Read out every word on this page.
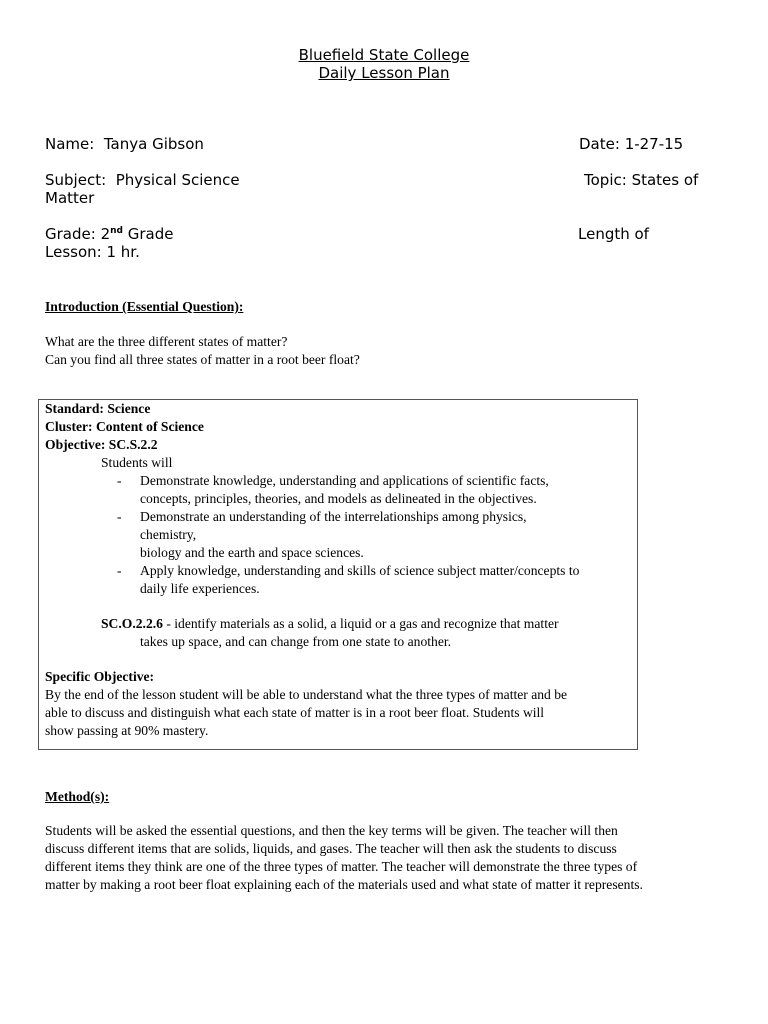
Bluefield State College
Daily Lesson Plan
Name: Tanya Gibson	Date: 1-27-15
Subject: Physical Science	Topic: States of
Matter
Grade: 2nd Grade	Length of
Lesson: 1 hr.
Introduction (Essential Question):
What are the three different states of matter?
Can you find all three states of matter in a root beer float?
Standard: Science
Cluster: Content of Science
Objective: SC.S.2.2
Students will
- Demonstrate knowledge, understanding and applications of scientific facts,
concepts, principles, theories, and models as delineated in the objectives.
- Demonstrate an understanding of the interrelationships among physics,
chemistry,
biology and the earth and space sciences.
- Apply knowledge, understanding and skills of science subject matter/concepts to
daily life experiences.
SC.O.2.2.6 - identify materials as a solid, a liquid or a gas and recognize that matter
takes up space, and can change from one state to another.
Specific Objective:
By the end of the lesson student will be able to understand what the three types of matter and be
able to discuss and distinguish what each state of matter is in a root beer float. Students will
show passing at 90% mastery.
Method(s):
Students will be asked the essential questions, and then the key terms will be given. The teacher will then
discuss different items that are solids, liquids, and gases. The teacher will then ask the students to discuss
different items they think are one of the three types of matter. The teacher will demonstrate the three types of
matter by making a root beer float explaining each of the materials used and what state of matter it represents.
